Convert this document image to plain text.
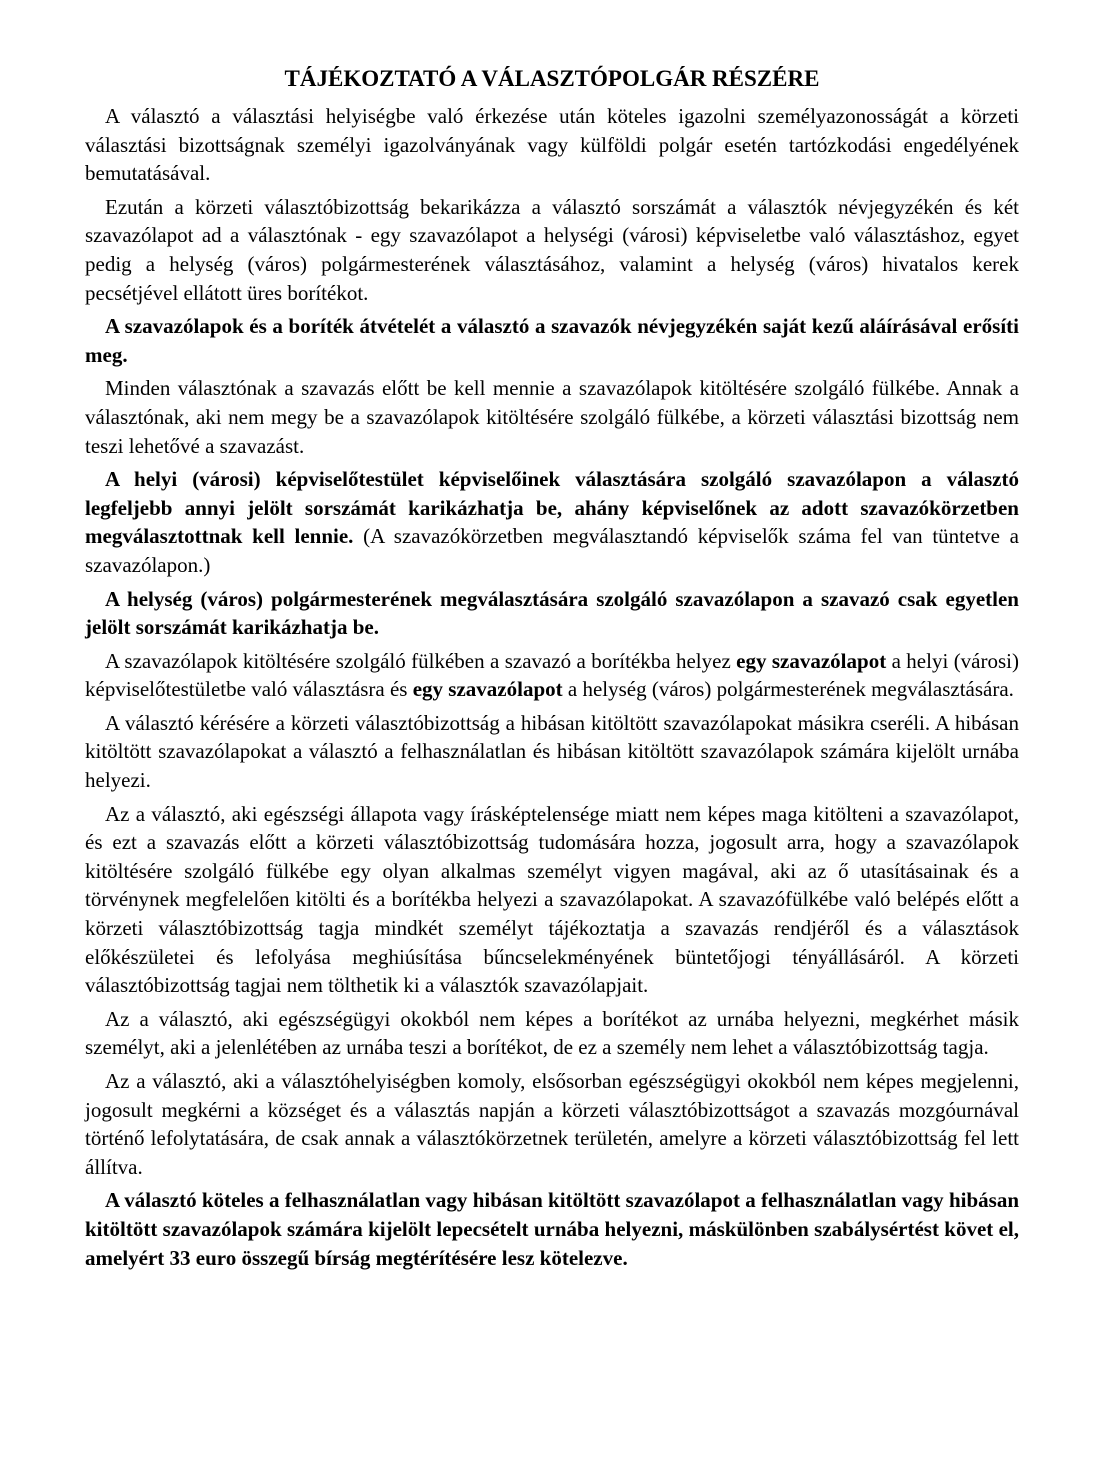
TÁJÉKOZTATÓ A VÁLASZTÓPOLGÁR RÉSZÉRE

A választó a választási helyiségbe való érkezése után köteles igazolni személyazonosságát a körzeti választási bizottságnak személyi igazolványának vagy külföldi polgár esetén tartózkodási engedélyének bemutatásával.

Ezután a körzeti választóbizottság bekarikázza a választó sorszámát a választók névjegyzékén és két szavazólapot ad a választónak - egy szavazólapot a helységi (városi) képviseletbe való választáshoz, egyet pedig a helység (város) polgármesterének választásához, valamint a helység (város) hivatalos kerek pecsétjével ellátott üres borítékot.

A szavazólapok és a boríték átvételét a választó a szavazók névjegyzékén saját kezű aláírásával erősíti meg.

Minden választónak a szavazás előtt be kell mennie a szavazólapok kitöltésére szolgáló fülkébe. Annak a választónak, aki nem megy be a szavazólapok kitöltésére szolgáló fülkébe, a körzeti választási bizottság nem teszi lehetővé a szavazást.

A helyi (városi) képviselőtestület képviselőinek választására szolgáló szavazólapon a választó legfeljebb annyi jelölt sorszámát karikázhatja be, ahány képviselőnek az adott szavazókörzetben megválasztottnak kell lennie. (A szavazókörzetben megválasztandó képviselők száma fel van tüntetve a szavazólapon.)

A helység (város) polgármesterének megválasztására szolgáló szavazólapon a szavazó csak egyetlen jelölt sorszámát karikázhatja be.

A szavazólapok kitöltésére szolgáló fülkében a szavazó a borítékba helyez egy szavazólapot a helyi (városi) képviselőtestületbe való választásra és egy szavazólapot a helység (város) polgármesterének megválasztására.

A választó kérésére a körzeti választóbizottság a hibásan kitöltött szavazólapokat másikra cseréli. A hibásan kitöltött szavazólapokat a választó a felhasználatlan és hibásan kitöltött szavazólapok számára kijelölt urnába helyezi.

Az a választó, aki egészségi állapota vagy írásképtelensége miatt nem képes maga kitölteni a szavazólapot, és ezt a szavazás előtt a körzeti választóbizottság tudomására hozza, jogosult arra, hogy a szavazólapok kitöltésére szolgáló fülkébe egy olyan alkalmas személyt vigyen magával, aki az ő utasításainak és a törvénynek megfelelően kitölti és a borítékba helyezi a szavazólapokat. A szavazófülkébe való belépés előtt a körzeti választóbizottság tagja mindkét személyt tájékoztatja a szavazás rendjéről és a választások előkészületei és lefolyása meghiúsítása bűncselekményének büntetőjogi tényállásáról. A körzeti választóbizottság tagjai nem tölthetik ki a választók szavazólapjait.

Az a választó, aki egészségügyi okokból nem képes a borítékot az urnába helyezni, megkérhet másik személyt, aki a jelenlétében az urnába teszi a borítékot, de ez a személy nem lehet a választóbizottság tagja.

Az a választó, aki a választóhelyiségben komoly, elsősorban egészségügyi okokból nem képes megjelenni, jogosult megkérni a községet és a választás napján a körzeti választóbizottságot a szavazás mozgóurnával történő lefolytatására, de csak annak a választókörzetnek területén, amelyre a körzeti választóbizottság fel lett állítva.

A választó köteles a felhasználatlan vagy hibásan kitöltött szavazólapot a felhasználatlan vagy hibásan kitöltött szavazólapok számára kijelölt lepecsételt urnába helyezni, máskülönben szabálysértést követ el, amelyért 33 euro összegű bírság megtérítésére lesz kötelezve.
